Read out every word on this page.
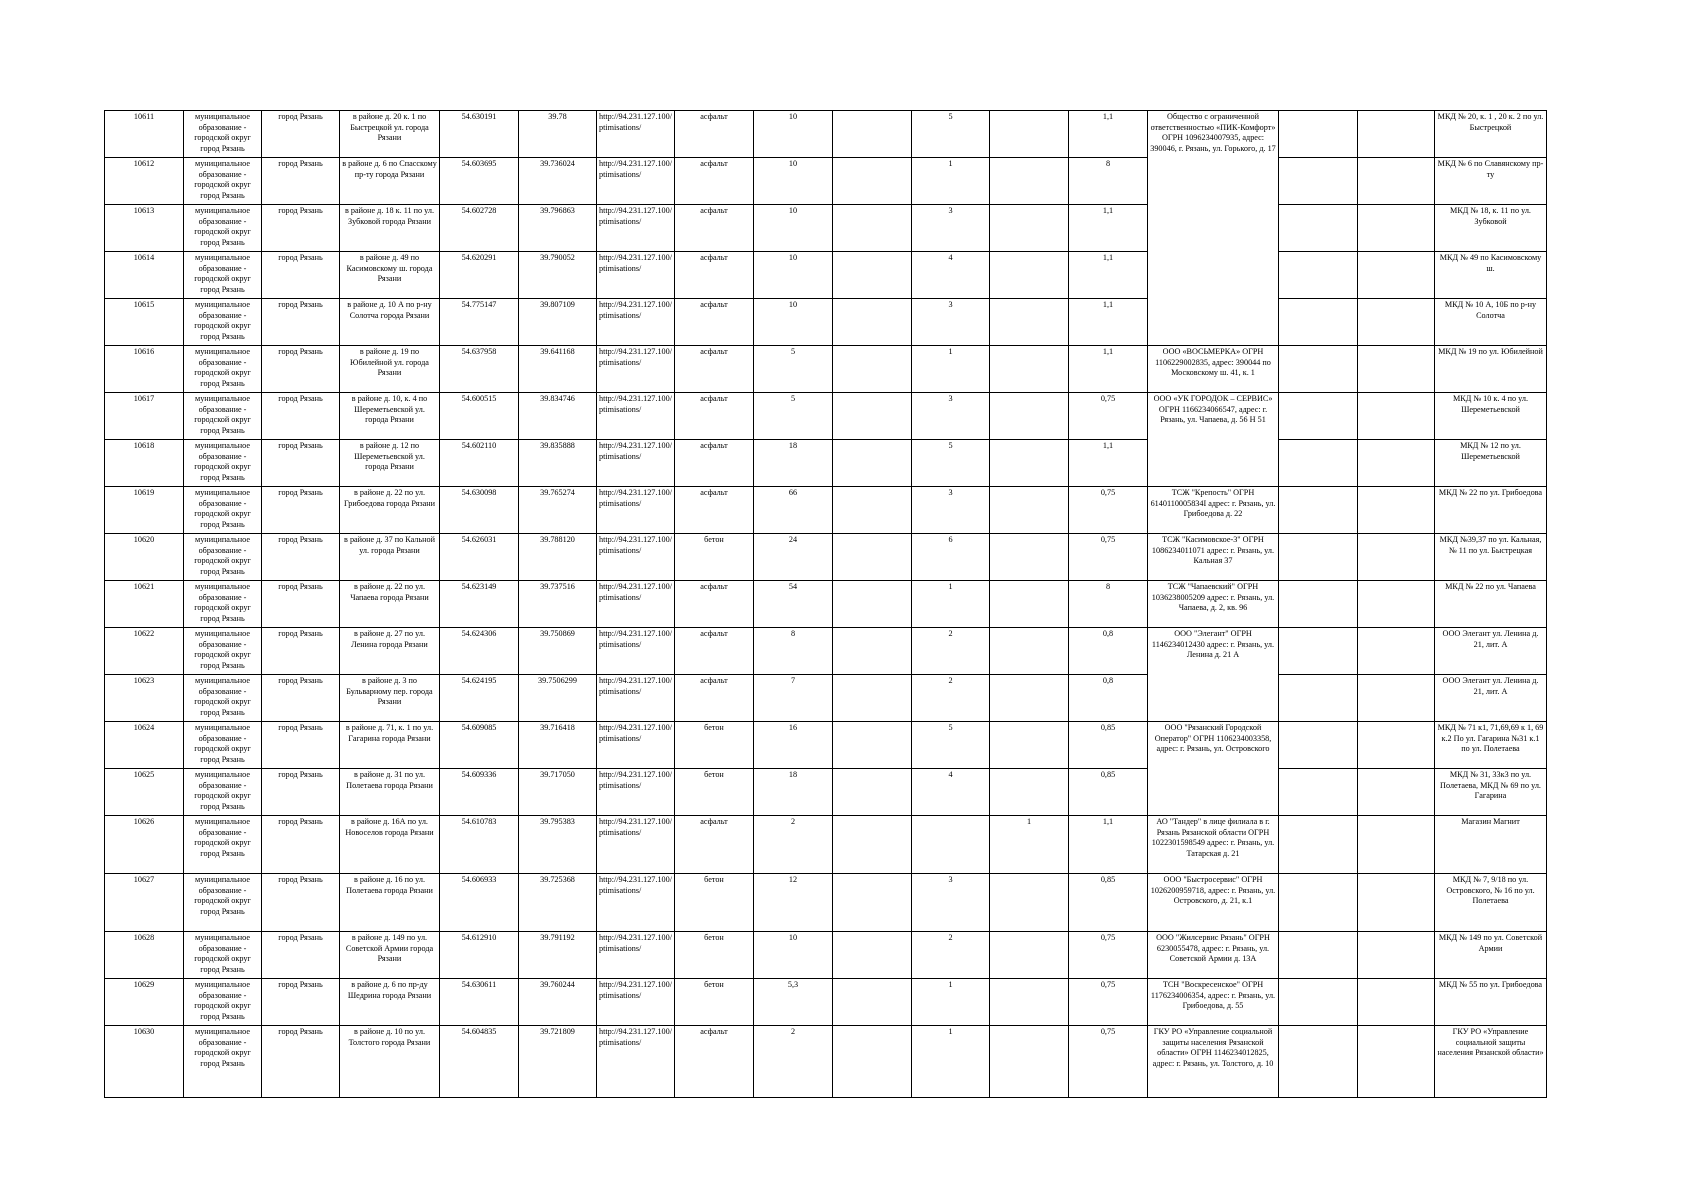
10611	муниципальное образование - городской округ город Рязань	город Рязань	в районе д. 20 к. 1 по Быстрецкой ул. города Рязани	54.630191	39.78	http://94.231.127.100/ptimisations/	асфальт	10		5		1,1	Общество с ограниченной ответственностью «ПИК-Комфорт» ОГРН 1096234007935, адрес: 390046, г. Рязань, ул. Горького, д. 17			МКД № 20, к. 1 , 20 к. 2 по ул. Быстрецкой
10612	муниципальное образование - городской округ город Рязань	город Рязань	в районе д. 6 по Спасскому пр-ту города Рязани	54.603695	39.736024	http://94.231.127.100/ptimisations/	асфальт	10		1		8				МКД № 6 по Славянскому пр-ту
10613	муниципальное образование - городской округ город Рязань	город Рязань	в районе д. 18 к. 11 по ул. Зубковой города Рязани	54.602728	39.796863	http://94.231.127.100/ptimisations/	асфальт	10		3		1,1				МКД № 18, к. 11 по ул. Зубковой
10614	муниципальное образование - городской округ город Рязань	город Рязань	в районе д. 49 по Касимовскому ш. города Рязани	54.620291	39.790052	http://94.231.127.100/ptimisations/	асфальт	10		4		1,1				МКД № 49 по Касимовскому ш.
10615	муниципальное образование - городской округ город Рязань	город Рязань	в районе д. 10 А по р-ну Солотча города Рязани	54.775147	39.807109	http://94.231.127.100/ptimisations/	асфальт	10		3		1,1				МКД № 10 А, 10Б по р-ну Солотча
10616	муниципальное образование - городской округ город Рязань	город Рязань	в районе д. 19 по Юбилейной ул. города Рязани	54.637958	39.641168	http://94.231.127.100/ptimisations/	асфальт	5		1		1,1	ООО «ВОСЬМЕРКА» ОГРН 1106229002835, адрес: 390044 по Московскому ш. 41, к. 1			МКД № 19 по ул. Юбилейной
10617	муниципальное образование - городской округ город Рязань	город Рязань	в районе д. 10, к. 4 по Шереметьевской ул. города Рязани	54.600515	39.834746	http://94.231.127.100/ptimisations/	асфальт	5		3		0,75	ООО «УК ГОРОДОК – СЕРВИС» ОГРН 1166234066547, адрес: г. Рязань, ул. Чапаева, д. 56 Н 51			МКД № 10 к. 4 по ул. Шереметьевской
10618	муниципальное образование - городской округ город Рязань	город Рязань	в районе д. 12 по Шереметьевской ул. города Рязани	54.602110	39.835888	http://94.231.127.100/ptimisations/	асфальт	18		5		1,1				МКД № 12 по ул. Шереметьевской
10619	муниципальное образование - городской округ город Рязань	город Рязань	в районе д. 22 по ул. Грибоедова города Рязани	54.630098	39.765274	http://94.231.127.100/ptimisations/	асфальт	66		3		0,75	ТСЖ "Крепость" ОГРН 6140110005834I адрес: г. Рязань, ул. Грибоедова д. 22			МКД № 22 по ул. Грибоедова
10620	муниципальное образование - городской округ город Рязань	город Рязань	в районе д. 37 по Кальной ул. города Рязани	54.626031	39.788120	http://94.231.127.100/ptimisations/	бетон	24		6		0,75	ТСЖ "Касимовское-3" ОГРН 1086234011071 адрес: г. Рязань, ул. Кальная 37			МКД №39,37 по ул. Кальная, № 11 по ул. Быстрецкая
10621	муниципальное образование - городской округ город Рязань	город Рязань	в районе д. 22 по ул. Чапаева города Рязани	54.623149	39.737516	http://94.231.127.100/ptimisations/	асфальт	54		1		8	ТСЖ "Чапаевский" ОГРН 1036238005209 адрес: г. Рязань, ул. Чапаева, д. 2, кв. 96			МКД № 22 по ул. Чапаева
10622	муниципальное образование - городской округ город Рязань	город Рязань	в районе д. 27 по ул. Ленина города Рязани	54.624306	39.750869	http://94.231.127.100/ptimisations/	асфальт	8		2		0,8	ООО "Элегант" ОГРН 1146234012430 адрес: г. Рязань, ул. Ленина д. 21 А			ООО Элегант ул. Ленина д. 21, лит. А
10623	муниципальное образование - городской округ город Рязань	город Рязань	в районе д. 3 по Бульварному пер. города Рязани	54.624195	39.7506299	http://94.231.127.100/ptimisations/	асфальт	7		2		0,8				ООО Элегант ул. Ленина д. 21, лит. А
10624	муниципальное образование - городской округ город Рязань	город Рязань	в районе д. 71, к. 1 по ул. Гагарина города Рязани	54.609085	39.716418	http://94.231.127.100/ptimisations/	бетон	16		5		0,85	ООО "Рязанский Городской Оператор" ОГРН 1106234003358, адрес: г. Рязань, ул. Островского			МКД № 71 к1, 71,69,69 к 1, 69 к.2 По ул. Гагарина №31 к.1 по ул. Полетаева
10625	муниципальное образование - городской округ город Рязань	город Рязань	в районе д. 31 по ул. Полетаева города Рязани	54.609336	39.717050	http://94.231.127.100/ptimisations/	бетон	18		4		0,85				МКД № 31, 33к3 по ул. Полетаева, МКД № 69 по ул. Гагарина
10626	муниципальное образование - городской округ город Рязань	город Рязань	в районе д. 16А по ул. Новоселов города Рязани	54.610783	39.795383	http://94.231.127.100/ptimisations/	асфальт	2			1	1,1	АО "Тандер" в лице филиала в г. Рязань Рязанской области ОГРН 1022301598549 адрес: г. Рязань, ул. Татарская д. 21			Магазин Магнит
10627	муниципальное образование - городской округ город Рязань	город Рязань	в районе д. 16 по ул. Полетаева города Рязани	54.606933	39.725368	http://94.231.127.100/ptimisations/	бетон	12		3		0,85	ООО "Быстросервис" ОГРН 1026200959718, адрес: г. Рязань, ул. Островского, д. 21, к.1			МКД № 7, 9/18 по ул. Островского, № 16 по ул. Полетаева
10628	муниципальное образование - городской округ город Рязань	город Рязань	в районе д. 149 по ул. Советской Армии города Рязани	54.612910	39.791192	http://94.231.127.100/ptimisations/	бетон	10		2		0,75	ООО "Жилсервис Рязань" ОГРН 6230055478, адрес: г. Рязань, ул. Советской Армии д. 13А			МКД № 149 по ул. Советской Армии
10629	муниципальное образование - городской округ город Рязань	город Рязань	в районе д. 6 по пр-ду Шедрина города Рязани	54.630611	39.760244	http://94.231.127.100/ptimisations/	бетон	5,3		1		0,75	ТСН "Воскресенское" ОГРН 1176234006354, адрес: г. Рязань, ул. Грибоедова, д. 55			МКД № 55 по ул. Грибоедова
10630	муниципальное образование - городской округ город Рязань	город Рязань	в районе д. 10 по ул. Толстого города Рязани	54.604835	39.721809	http://94.231.127.100/ptimisations/	асфальт	2		1		0,75	ГКУ РО «Управление социальной защиты населения Рязанской области» ОГРН 1146234012825, адрес: г. Рязань, ул. Толстого, д. 10			ГКУ РО «Управление социальной защиты населения Рязанской области»
